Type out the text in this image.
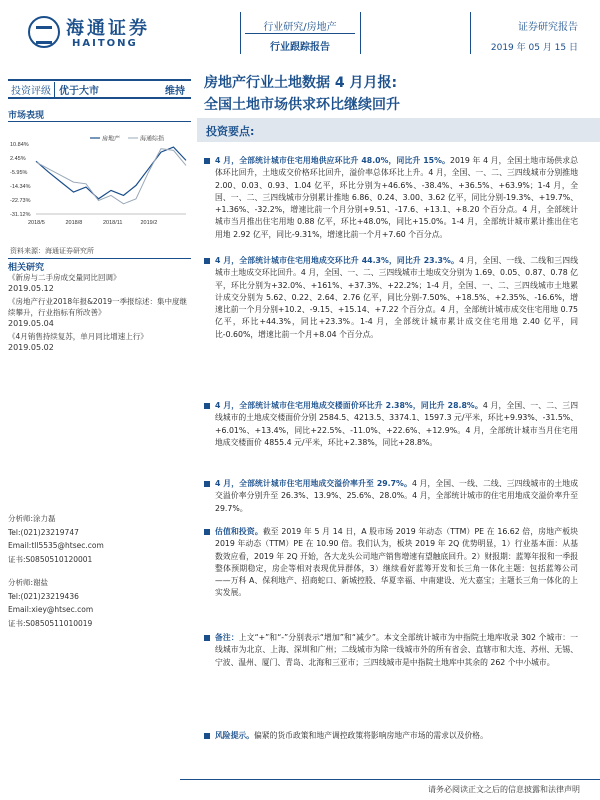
海通证券
HAITONG
行业研究/房地产
行业跟踪报告
证券研究报告
2019 年 05 月 15 日
投资评级 优于大市	维持
市场表现
10.84%
2.45%
-5.95%
-14.34%
-22.73%
-31.12%
2018/5	2018/8	2018/11	2019/2
房地产	海通综指
资料来源：海通证券研究所
相关研究
《新房与二手房成交量同比回调》
2019.05.12
《房地产行业2018年报&2019一季报综述：集中度继续攀升，行业指标有所改善》
2019.05.04
《4月销售持续复苏，单月同比增速上行》
2019.05.02
分析师:涂力磊
Tel:(021)23219747
Email:tll5535@htsec.com
证书:S0850510120001
分析师:谢盐
Tel:(021)23219436
Email:xiey@htsec.com
证书:S0850511010019
房地产行业土地数据 4 月月报:
全国土地市场供求环比继续回升
投资要点:
4 月，全部统计城市住宅用地供应环比升 48.0%，同比升 15%。2019 年 4 月，全国土地市场供求总体环比回升，土地成交价格环比回升，溢价率总体环比上升。4 月，全国、一、二、三四线城市分别推地 2.00、0.03、0.93、1.04 亿平，环比分别为+46.6%、-38.4%、+36.5%、+63.9%；1-4 月，全国、一、二、三四线城市分别累计推地 6.86、0.24、3.00、3.62 亿平，同比分别-19.3%、+19.7%、+1.36%、-32.2%，增速比前一个月分别+9.51、-17.6、+13.1、+8.20 个百分点。4 月，全部统计城市当月推出住宅用地 0.88 亿平，环比+48.0%，同比+15.0%。1-4 月，全部统计城市累计推出住宅用地 2.92 亿平，同比-9.31%，增速比前一个月+7.60 个百分点。
4 月，全部统计城市住宅用地成交环比升 44.3%，同比升 23.3%。4 月，全国、一线、二线和三四线城市土地成交环比回升。4 月，全国、一、二、三四线城市土地成交分别为 1.69、0.05、0.87、0.78 亿平，环比分别为+32.0%、+161%、+37.3%、+22.2%；1-4 月，全国、一、二、三四线城市土地累计成交分别为 5.62、0.22、2.64、2.76 亿平，同比分别-7.50%、+18.5%、+2.35%、-16.6%，增速比前一个月分别+10.2、-9.15、+15.14、+7.22 个百分点。4 月，全部统计城市成交住宅用地 0.75 亿平，环比+44.3%，同比+23.3%。1-4 月，全部统计城市累计成交住宅用地 2.40 亿平，同比-0.60%，增速比前一个月+8.04 个百分点。
4 月，全部统计城市住宅用地成交楼面价环比升 2.38%，同比升 28.8%。4 月，全国、一、二、三四线城市的土地成交楼面价分别 2584.5、4213.5、3374.1、1597.3 元/平米，环比+9.93%、-31.5%、+6.01%、+13.4%，同比+22.5%、-11.0%、+22.6%、+12.9%。4 月，全部统计城市当月住宅用地成交楼面价 4855.4 元/平米，环比+2.38%，同比+28.8%。
4 月，全部统计城市住宅用地成交溢价率升至 29.7%。4 月，全国、一线、二线、三四线城市的土地成交溢价率分别升至 26.3%、13.9%、25.6%、28.0%。4 月，全部统计城市的住宅用地成交溢价率升至 29.7%。
估值和投资。截至 2019 年 5 月 14 日，A 股市场 2019 年动态（TTM）PE 在 16.62 倍，房地产板块 2019 年动态（TTM）PE 在 10.90 倍。我们认为，板块 2019 年 2Q 优势明显，1）行业基本面：从基数效应看，2019 年 2Q 开始，各大龙头公司地产销售增速有望触底回升。2）财报期：蓝筹年报和一季报整体预期稳定，房企等相对表现优异群体，3）继续看好蓝筹开发和长三角一体化主题：包括蓝筹公司——万科 A、保利地产、招商蛇口、新城控股、华夏幸福、中南建设、光大嘉宝；主题长三角一体化的上实发展。
备注：上文“+”和“-”分别表示“增加”和“减少”。本文全部统计城市为中指院土地库收录 302 个城市：一线城市为北京、上海、深圳和广州；二线城市为除一线城市外的所有省会、直辖市和大连、苏州、无锡、宁波、温州、厦门、青岛、北海和三亚市；三四线城市是中指院土地库中其余的 262 个中小城市。
风险提示。偏紧的货币政策和地产调控政策将影响房地产市场的需求以及价格。
请务必阅读正文之后的信息披露和法律声明
